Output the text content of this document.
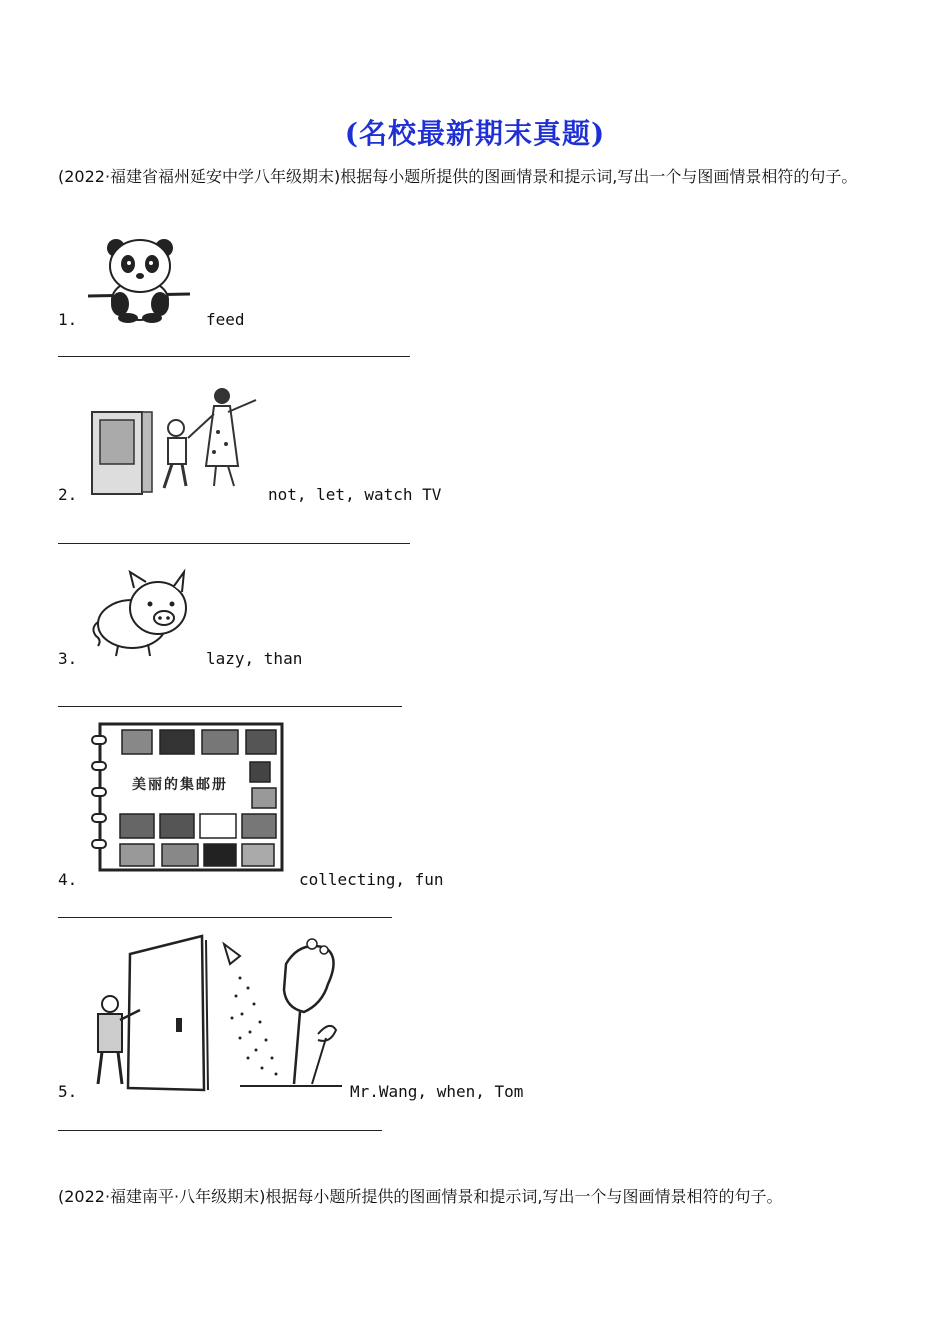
(名校最新期末真题)
(2022·福建省福州延安中学八年级期末)根据每小题所提供的图画情景和提示词,写出一个与图画情景相符的句子。
1.	feed
2.	not, let, watch TV
3.	lazy, than
美丽的集邮册
4.	collecting, fun
5.	Mr.Wang, when, Tom
(2022·福建南平·八年级期末)根据每小题所提供的图画情景和提示词,写出一个与图画情景相符的句子。
